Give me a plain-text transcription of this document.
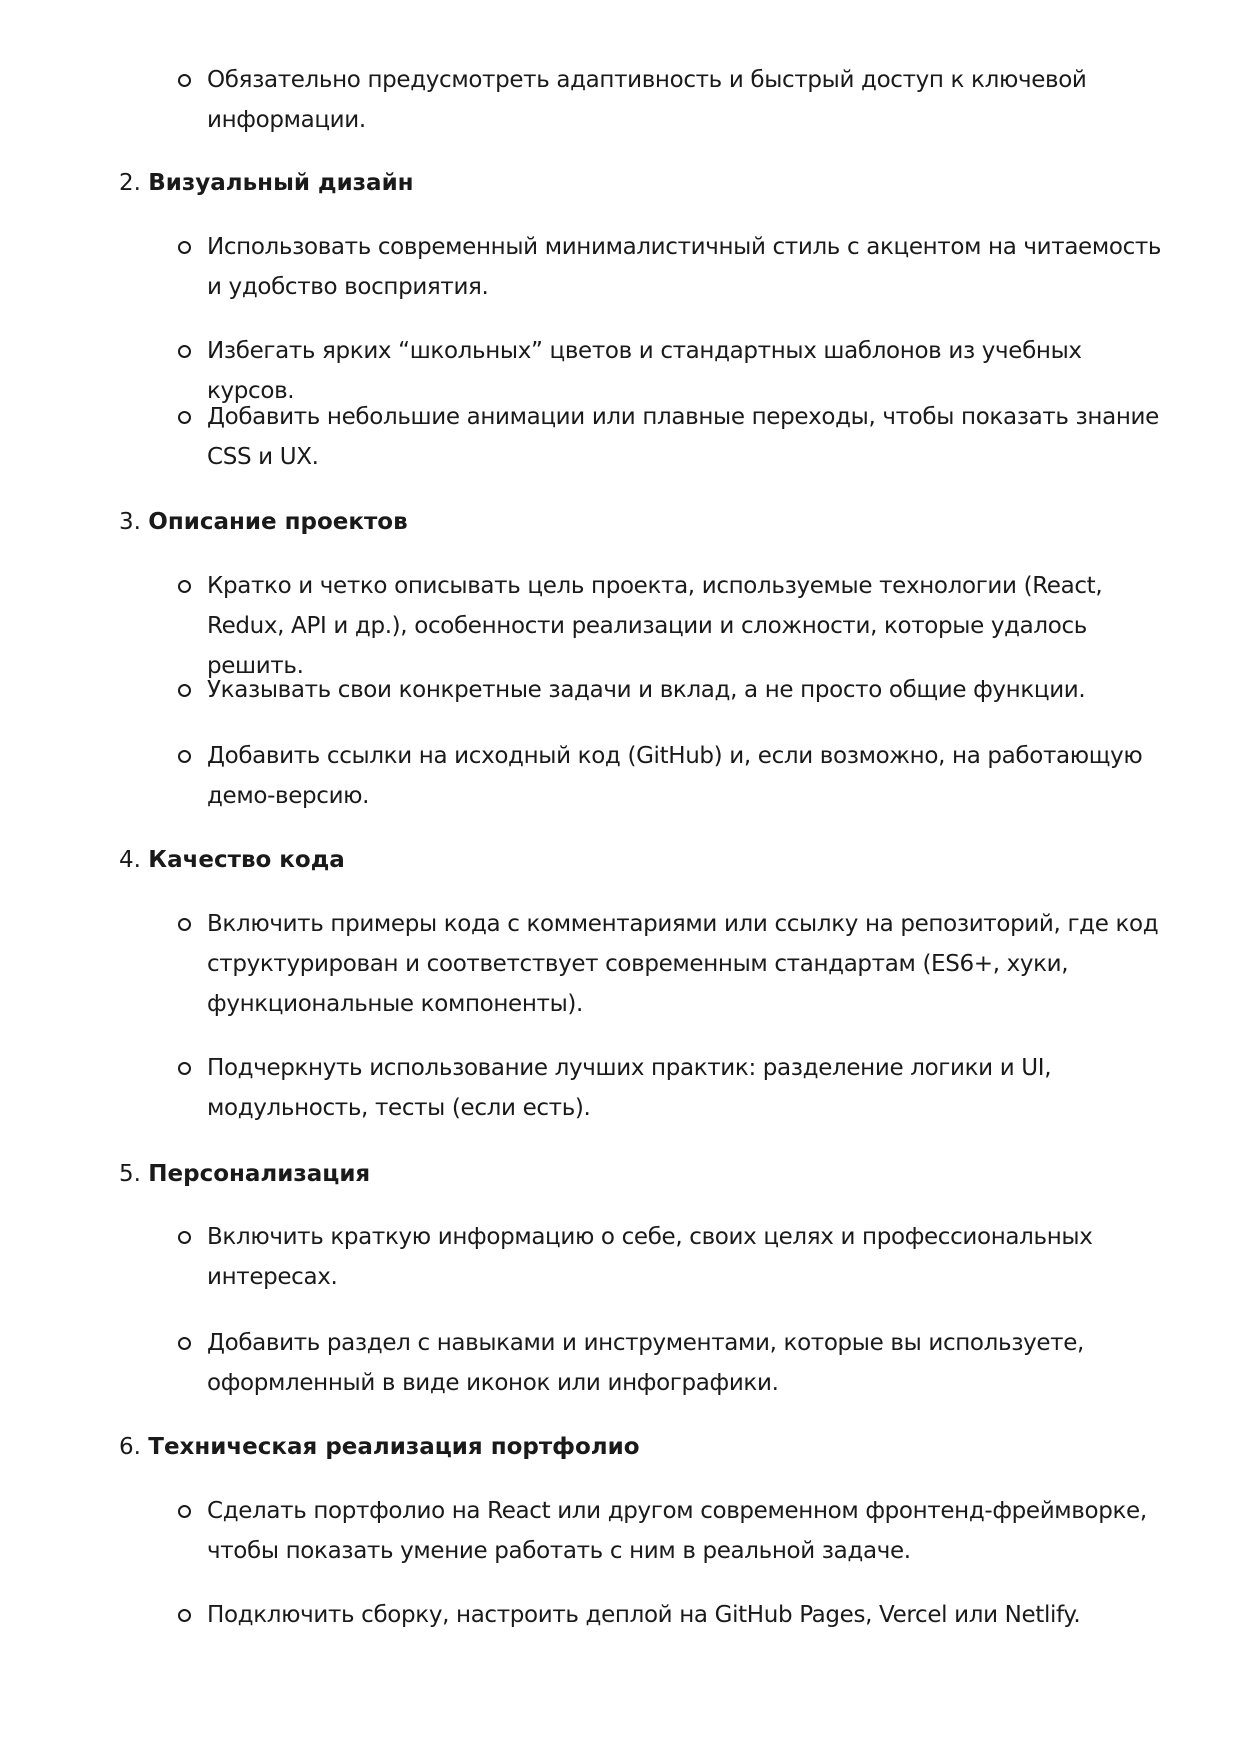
Обязательно предусмотреть адаптивность и быстрый доступ к ключевой информации.
2. Визуальный дизайн
Использовать современный минималистичный стиль с акцентом на читаемость и удобство восприятия.
Избегать ярких “школьных” цветов и стандартных шаблонов из учебных курсов.
Добавить небольшие анимации или плавные переходы, чтобы показать знание CSS и UX.
3. Описание проектов
Кратко и четко описывать цель проекта, используемые технологии (React, Redux, API и др.), особенности реализации и сложности, которые удалось решить.
Указывать свои конкретные задачи и вклад, а не просто общие функции.
Добавить ссылки на исходный код (GitHub) и, если возможно, на работающую демо-версию.
4. Качество кода
Включить примеры кода с комментариями или ссылку на репозиторий, где код структурирован и соответствует современным стандартам (ES6+, хуки, функциональные компоненты).
Подчеркнуть использование лучших практик: разделение логики и UI, модульность, тесты (если есть).
5. Персонализация
Включить краткую информацию о себе, своих целях и профессиональных интересах.
Добавить раздел с навыками и инструментами, которые вы используете, оформленный в виде иконок или инфографики.
6. Техническая реализация портфолио
Сделать портфолио на React или другом современном фронтенд-фреймворке, чтобы показать умение работать с ним в реальной задаче.
Подключить сборку, настроить деплой на GitHub Pages, Vercel или Netlify.
